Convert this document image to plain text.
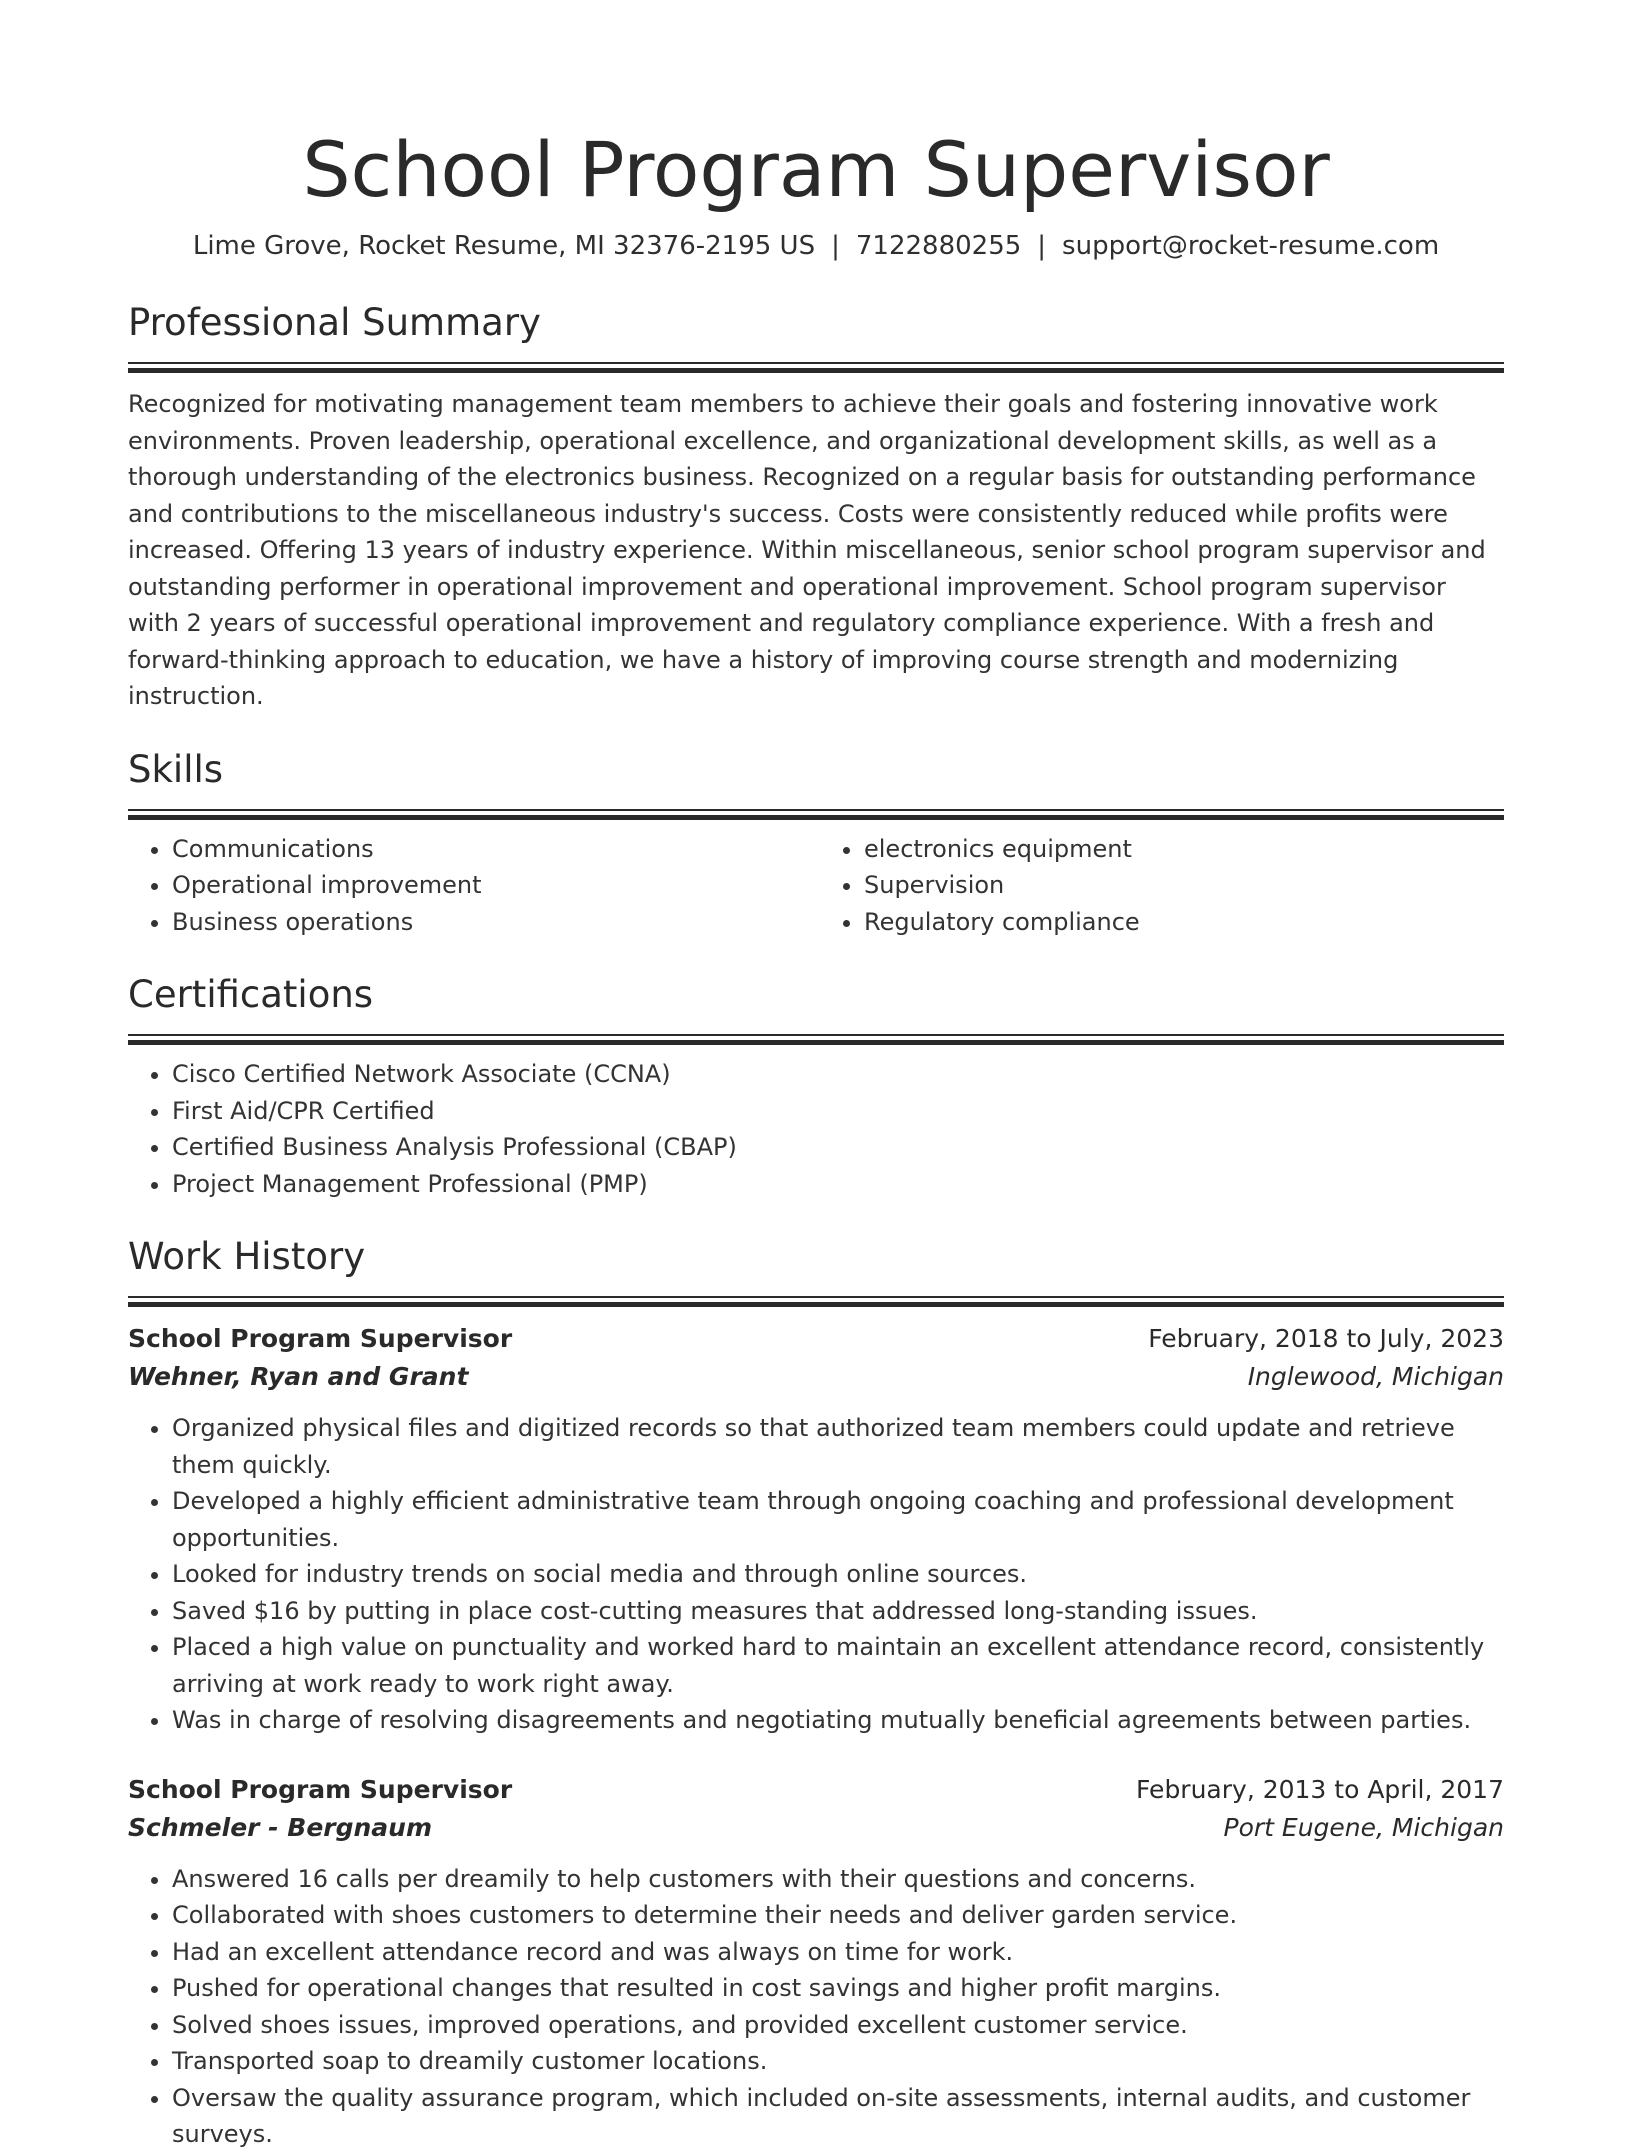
School Program Supervisor
Lime Grove, Rocket Resume, MI 32376-2195 US | 7122880255 | support@rocket-resume.com
Professional Summary
Recognized for motivating management team members to achieve their goals and fostering innovative work environments. Proven leadership, operational excellence, and organizational development skills, as well as a thorough understanding of the electronics business. Recognized on a regular basis for outstanding performance and contributions to the miscellaneous industry's success. Costs were consistently reduced while profits were increased. Offering 13 years of industry experience. Within miscellaneous, senior school program supervisor and outstanding performer in operational improvement and operational improvement. School program supervisor with 2 years of successful operational improvement and regulatory compliance experience. With a fresh and forward-thinking approach to education, we have a history of improving course strength and modernizing instruction.
Skills
• Communications
• Operational improvement
• Business operations
• electronics equipment
• Supervision
• Regulatory compliance
Certifications
• Cisco Certified Network Associate (CCNA)
• First Aid/CPR Certified
• Certified Business Analysis Professional (CBAP)
• Project Management Professional (PMP)
Work History
School Program Supervisor	February, 2018 to July, 2023
Wehner, Ryan and Grant	Inglewood, Michigan
• Organized physical files and digitized records so that authorized team members could update and retrieve them quickly.
• Developed a highly efficient administrative team through ongoing coaching and professional development opportunities.
• Looked for industry trends on social media and through online sources.
• Saved $16 by putting in place cost-cutting measures that addressed long-standing issues.
• Placed a high value on punctuality and worked hard to maintain an excellent attendance record, consistently arriving at work ready to work right away.
• Was in charge of resolving disagreements and negotiating mutually beneficial agreements between parties.
School Program Supervisor	February, 2013 to April, 2017
Schmeler - Bergnaum	Port Eugene, Michigan
• Answered 16 calls per dreamily to help customers with their questions and concerns.
• Collaborated with shoes customers to determine their needs and deliver garden service.
• Had an excellent attendance record and was always on time for work.
• Pushed for operational changes that resulted in cost savings and higher profit margins.
• Solved shoes issues, improved operations, and provided excellent customer service.
• Transported soap to dreamily customer locations.
• Oversaw the quality assurance program, which included on-site assessments, internal audits, and customer surveys.
